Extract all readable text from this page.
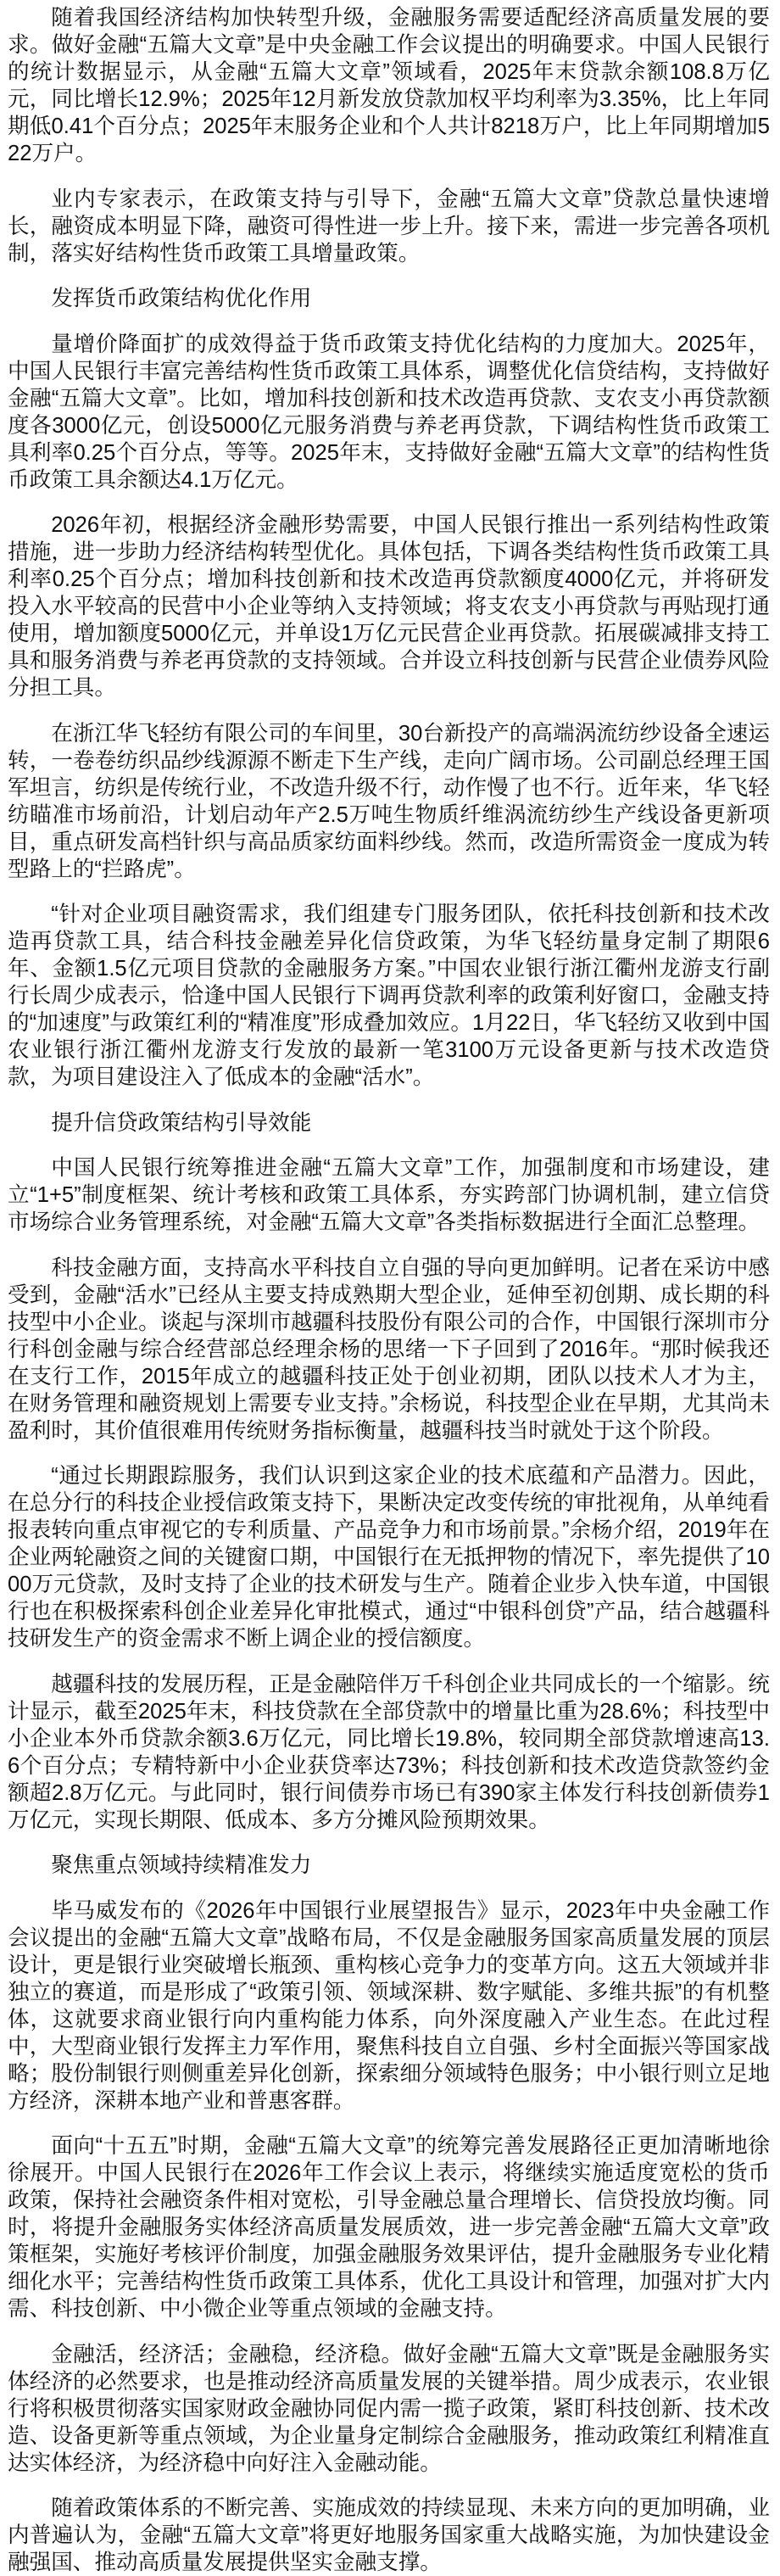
随着我国经济结构加快转型升级，金融服务需要适配经济高质量发展的要求。做好金融“五篇大文章”是中央金融工作会议提出的明确要求。中国人民银行的统计数据显示，从金融“五篇大文章”领域看，2025年末贷款余额108.8万亿元，同比增长12.9%；2025年12月新发放贷款加权平均利率为3.35%，比上年同期低0.41个百分点；2025年末服务企业和个人共计8218万户，比上年同期增加522万户。

业内专家表示，在政策支持与引导下，金融“五篇大文章”贷款总量快速增长，融资成本明显下降，融资可得性进一步上升。接下来，需进一步完善各项机制，落实好结构性货币政策工具增量政策。

发挥货币政策结构优化作用

量增价降面扩的成效得益于货币政策支持优化结构的力度加大。2025年，中国人民银行丰富完善结构性货币政策工具体系，调整优化信贷结构，支持做好金融“五篇大文章”。比如，增加科技创新和技术改造再贷款、支农支小再贷款额度各3000亿元，创设5000亿元服务消费与养老再贷款，下调结构性货币政策工具利率0.25个百分点，等等。2025年末，支持做好金融“五篇大文章”的结构性货币政策工具余额达4.1万亿元。

2026年初，根据经济金融形势需要，中国人民银行推出一系列结构性政策措施，进一步助力经济结构转型优化。具体包括，下调各类结构性货币政策工具利率0.25个百分点；增加科技创新和技术改造再贷款额度4000亿元，并将研发投入水平较高的民营中小企业等纳入支持领域；将支农支小再贷款与再贴现打通使用，增加额度5000亿元，并单设1万亿元民营企业再贷款。拓展碳减排支持工具和服务消费与养老再贷款的支持领域。合并设立科技创新与民营企业债券风险分担工具。

在浙江华飞轻纺有限公司的车间里，30台新投产的高端涡流纺纱设备全速运转，一卷卷纺织品纱线源源不断走下生产线，走向广阔市场。公司副总经理王国军坦言，纺织是传统行业，不改造升级不行，动作慢了也不行。近年来，华飞轻纺瞄准市场前沿，计划启动年产2.5万吨生物质纤维涡流纺纱生产线设备更新项目，重点研发高档针织与高品质家纺面料纱线。然而，改造所需资金一度成为转型路上的“拦路虎”。

“针对企业项目融资需求，我们组建专门服务团队，依托科技创新和技术改造再贷款工具，结合科技金融差异化信贷政策，为华飞轻纺量身定制了期限6年、金额1.5亿元项目贷款的金融服务方案。”中国农业银行浙江衢州龙游支行副行长周少成表示，恰逢中国人民银行下调再贷款利率的政策利好窗口，金融支持的“加速度”与政策红利的“精准度”形成叠加效应。1月22日，华飞轻纺又收到中国农业银行浙江衢州龙游支行发放的最新一笔3100万元设备更新与技术改造贷款，为项目建设注入了低成本的金融“活水”。

提升信贷政策结构引导效能

中国人民银行统筹推进金融“五篇大文章”工作，加强制度和市场建设，建立“1+5”制度框架、统计考核和政策工具体系，夯实跨部门协调机制，建立信贷市场综合业务管理系统，对金融“五篇大文章”各类指标数据进行全面汇总整理。

科技金融方面，支持高水平科技自立自强的导向更加鲜明。记者在采访中感受到，金融“活水”已经从主要支持成熟期大型企业，延伸至初创期、成长期的科技型中小企业。谈起与深圳市越疆科技股份有限公司的合作，中国银行深圳市分行科创金融与综合经营部总经理余杨的思绪一下子回到了2016年。“那时候我还在支行工作，2015年成立的越疆科技正处于创业初期，团队以技术人才为主，在财务管理和融资规划上需要专业支持。”余杨说，科技型企业在早期，尤其尚未盈利时，其价值很难用传统财务指标衡量，越疆科技当时就处于这个阶段。

“通过长期跟踪服务，我们认识到这家企业的技术底蕴和产品潜力。因此，在总分行的科技企业授信政策支持下，果断决定改变传统的审批视角，从单纯看报表转向重点审视它的专利质量、产品竞争力和市场前景。”余杨介绍，2019年在企业两轮融资之间的关键窗口期，中国银行在无抵押物的情况下，率先提供了1000万元贷款，及时支持了企业的技术研发与生产。随着企业步入快车道，中国银行也在积极探索科创企业差异化审批模式，通过“中银科创贷”产品，结合越疆科技研发生产的资金需求不断上调企业的授信额度。

越疆科技的发展历程，正是金融陪伴万千科创企业共同成长的一个缩影。统计显示，截至2025年末，科技贷款在全部贷款中的增量比重为28.6%；科技型中小企业本外币贷款余额3.6万亿元，同比增长19.8%，较同期全部贷款增速高13.6个百分点；专精特新中小企业获贷率达73%；科技创新和技术改造贷款签约金额超2.8万亿元。与此同时，银行间债券市场已有390家主体发行科技创新债券1万亿元，实现长期限、低成本、多方分摊风险预期效果。

聚焦重点领域持续精准发力

毕马威发布的《2026年中国银行业展望报告》显示，2023年中央金融工作会议提出的金融“五篇大文章”战略布局，不仅是金融服务国家高质量发展的顶层设计，更是银行业突破增长瓶颈、重构核心竞争力的变革方向。这五大领域并非独立的赛道，而是形成了“政策引领、领域深耕、数字赋能、多维共振”的有机整体，这就要求商业银行向内重构能力体系，向外深度融入产业生态。在此过程中，大型商业银行发挥主力军作用，聚焦科技自立自强、乡村全面振兴等国家战略；股份制银行则侧重差异化创新，探索细分领域特色服务；中小银行则立足地方经济，深耕本地产业和普惠客群。

面向“十五五”时期，金融“五篇大文章”的统筹完善发展路径正更加清晰地徐徐展开。中国人民银行在2026年工作会议上表示，将继续实施适度宽松的货币政策，保持社会融资条件相对宽松，引导金融总量合理增长、信贷投放均衡。同时，将提升金融服务实体经济高质量发展质效，进一步完善金融“五篇大文章”政策框架，实施好考核评价制度，加强金融服务效果评估，提升金融服务专业化精细化水平；完善结构性货币政策工具体系，优化工具设计和管理，加强对扩大内需、科技创新、中小微企业等重点领域的金融支持。

金融活，经济活；金融稳，经济稳。做好金融“五篇大文章”既是金融服务实体经济的必然要求，也是推动经济高质量发展的关键举措。周少成表示，农业银行将积极贯彻落实国家财政金融协同促内需一揽子政策，紧盯科技创新、技术改造、设备更新等重点领域，为企业量身定制综合金融服务，推动政策红利精准直达实体经济，为经济稳中向好注入金融动能。

随着政策体系的不断完善、实施成效的持续显现、未来方向的更加明确，业内普遍认为，金融“五篇大文章”将更好地服务国家重大战略实施，为加快建设金融强国、推动高质量发展提供坚实金融支撑。
